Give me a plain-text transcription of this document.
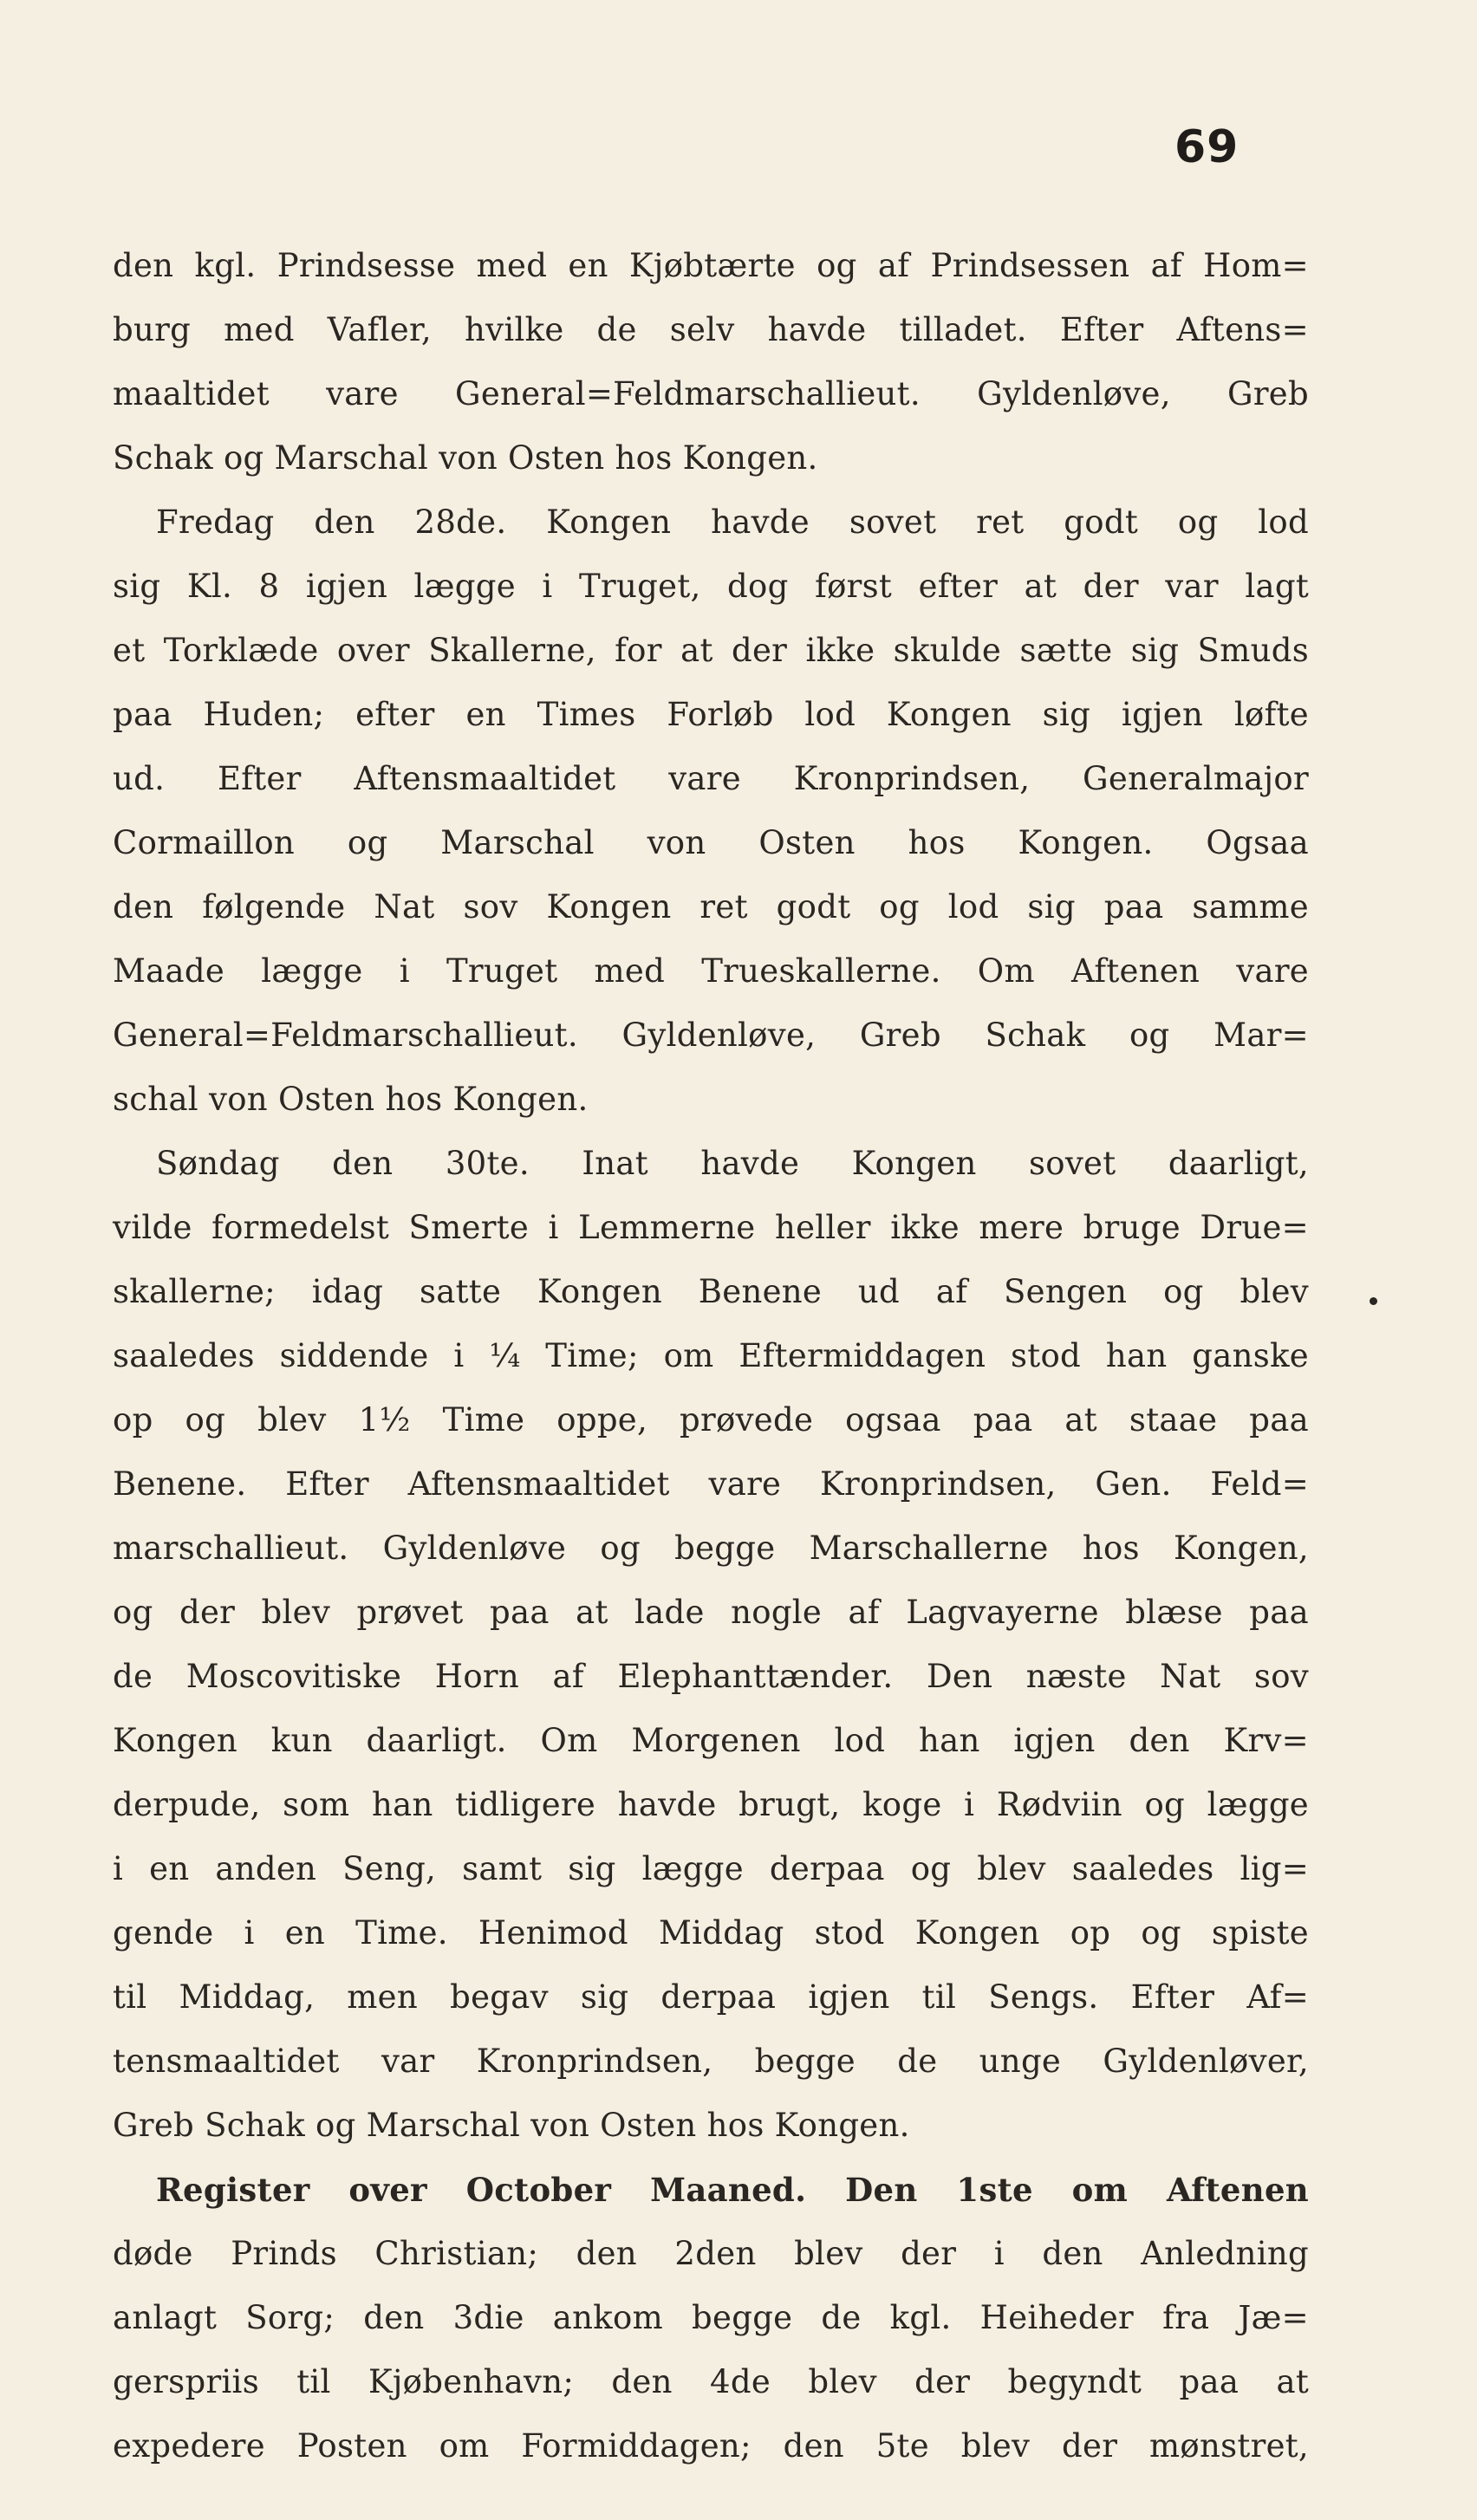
69
den kgl. Prindsesse med en Kjøbtærte og af Prindsessen af Hom=
burg med Vafler, hvilke de selv havde tilladet. Efter Aftens=
maaltidet vare General=Feldmarschallieut. Gyldenløve, Greb
Schak og Marschal von Osten hos Kongen.
Fredag den 28de. Kongen havde sovet ret godt og lod
sig Kl. 8 igjen lægge i Truget, dog først efter at der var lagt
et Torklæde over Skallerne, for at der ikke skulde sætte sig Smuds
paa Huden; efter en Times Forløb lod Kongen sig igjen løfte
ud. Efter Aftensmaaltidet vare Kronprindsen, Generalmajor
Cormaillon og Marschal von Osten hos Kongen. Ogsaa
den følgende Nat sov Kongen ret godt og lod sig paa samme
Maade lægge i Truget med Trueskallerne. Om Aftenen vare
General=Feldmarschallieut. Gyldenløve, Greb Schak og Mar=
schal von Osten hos Kongen.
Søndag den 30te. Inat havde Kongen sovet daarligt,
vilde formedelst Smerte i Lemmerne heller ikke mere bruge Drue=
skallerne; idag satte Kongen Benene ud af Sengen og blev
saaledes siddende i ¼ Time; om Eftermiddagen stod han ganske
op og blev 1½ Time oppe, prøvede ogsaa paa at staae paa
Benene. Efter Aftensmaaltidet vare Kronprindsen, Gen. Feld=
marschallieut. Gyldenløve og begge Marschallerne hos Kongen,
og der blev prøvet paa at lade nogle af Lagvayerne blæse paa
de Moscovitiske Horn af Elephanttænder. Den næste Nat sov
Kongen kun daarligt. Om Morgenen lod han igjen den Krv=
derpude, som han tidligere havde brugt, koge i Rødviin og lægge
i en anden Seng, samt sig lægge derpaa og blev saaledes lig=
gende i en Time. Henimod Middag stod Kongen op og spiste
til Middag, men begav sig derpaa igjen til Sengs. Efter Af=
tensmaaltidet var Kronprindsen, begge de unge Gyldenløver,
Greb Schak og Marschal von Osten hos Kongen.
Register over October Maaned. Den 1ste om Aftenen
døde Prinds Christian; den 2den blev der i den Anledning
anlagt Sorg; den 3die ankom begge de kgl. Heiheder fra Jæ=
gerspriis til Kjøbenhavn; den 4de blev der begyndt paa at
expedere Posten om Formiddagen; den 5te blev der mønstret,
